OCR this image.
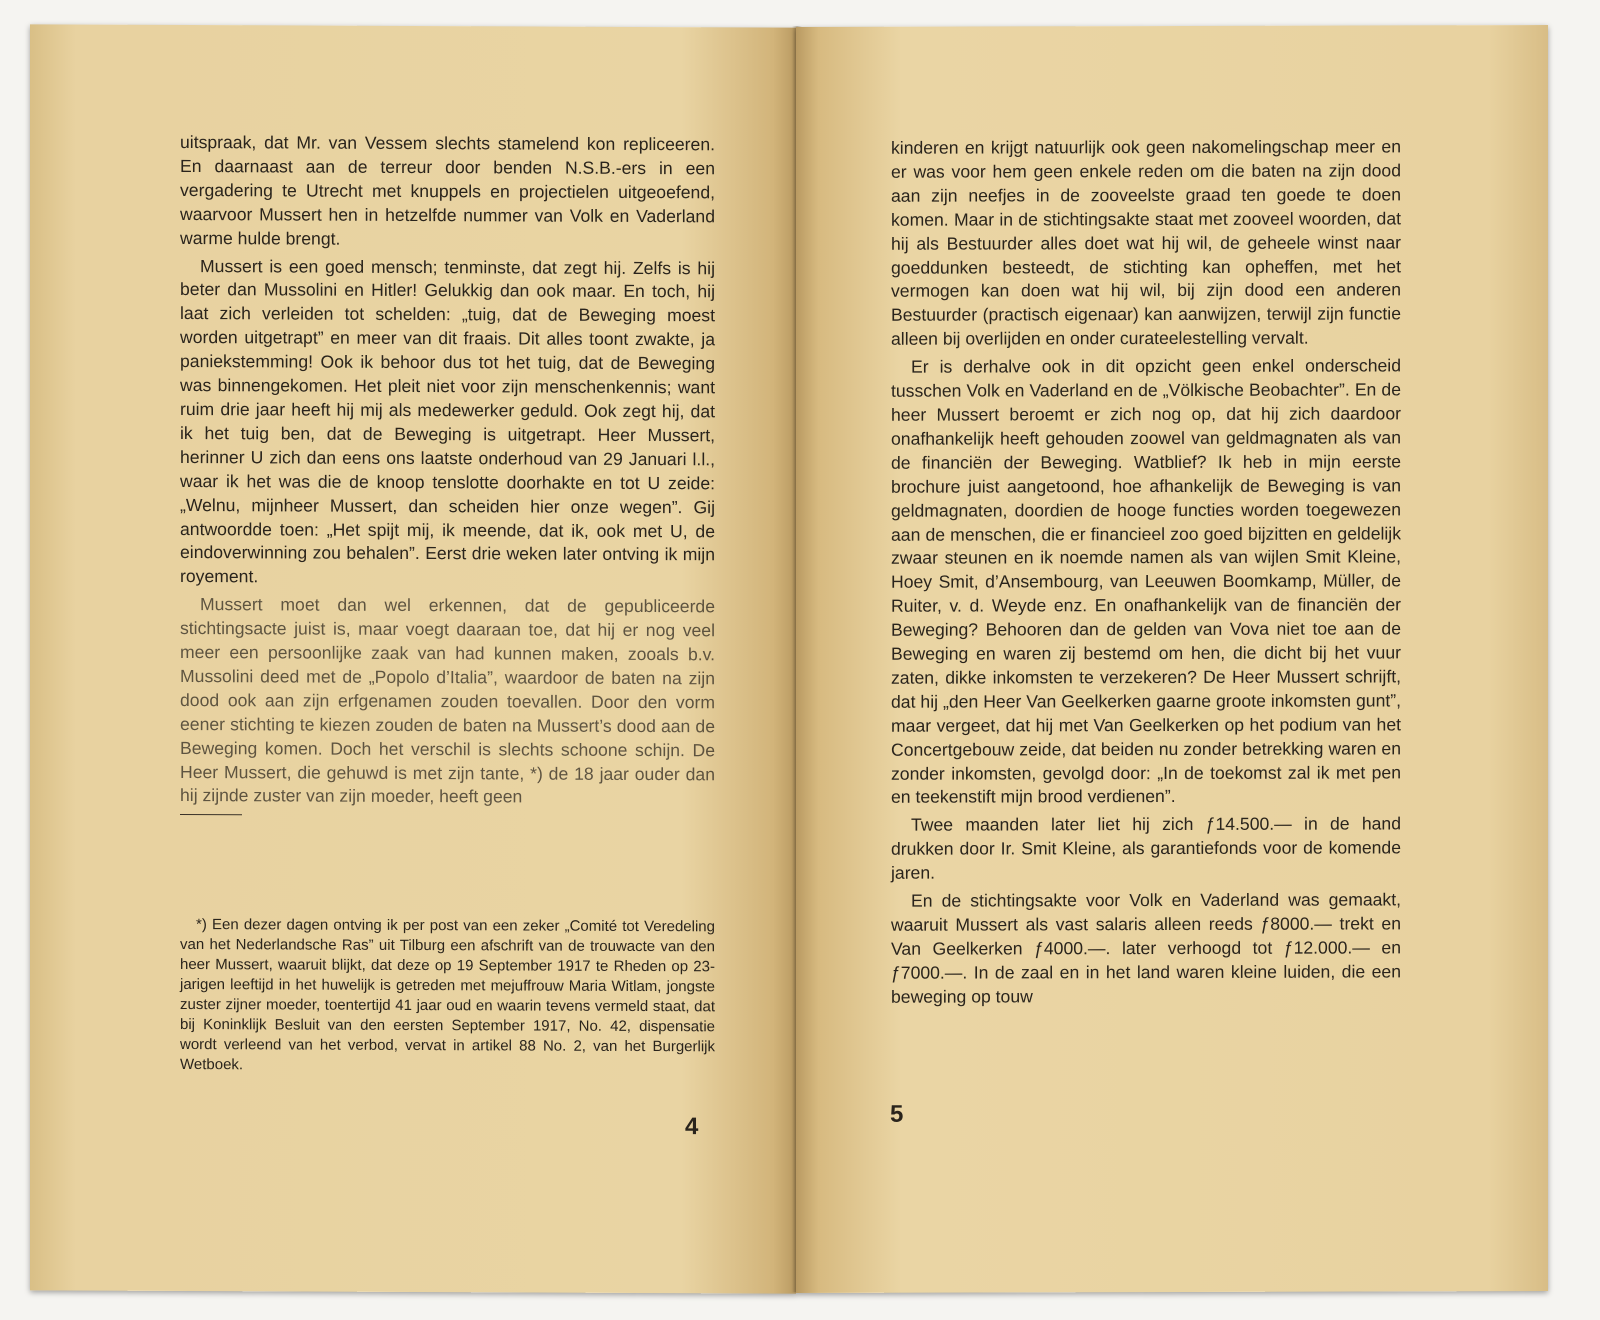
uitspraak, dat Mr. van Vessem slechts stamelend kon repliceeren. En daarnaast aan de terreur door benden N.S.B.-ers in een vergadering te Utrecht met knuppels en projectielen uitgeoefend, waarvoor Mussert hen in hetzelfde nummer van Volk en Vaderland warme hulde brengt.

Mussert is een goed mensch; tenminste, dat zegt hij. Zelfs is hij beter dan Mussolini en Hitler! Gelukkig dan ook maar. En toch, hij laat zich verleiden tot schelden: „tuig, dat de Beweging moest worden uitgetrapt” en meer van dit fraais. Dit alles toont zwakte, ja paniekstemming! Ook ik behoor dus tot het tuig, dat de Beweging was binnengekomen. Het pleit niet voor zijn menschenkennis; want ruim drie jaar heeft hij mij als medewerker geduld. Ook zegt hij, dat ik het tuig ben, dat de Beweging is uitgetrapt. Heer Mussert, herinner U zich dan eens ons laatste onderhoud van 29 Januari l.l., waar ik het was die de knoop tenslotte doorhakte en tot U zeide: „Welnu, mijnheer Mussert, dan scheiden hier onze wegen”. Gij antwoordde toen: „Het spijt mij, ik meende, dat ik, ook met U, de eindoverwinning zou behalen”. Eerst drie weken later ontving ik mijn royement.

Mussert moet dan wel erkennen, dat de gepubliceerde stichtingsacte juist is, maar voegt daaraan toe, dat hij er nog veel meer een persoonlijke zaak van had kunnen maken, zooals b.v. Mussolini deed met de „Popolo d’Italia”, waardoor de baten na zijn dood ook aan zijn erfgenamen zouden toevallen. Door den vorm eener stichting te kiezen zouden de baten na Mussert’s dood aan de Beweging komen. Doch het verschil is slechts schoone schijn. De Heer Mussert, die gehuwd is met zijn tante, *) de 18 jaar ouder dan hij zijnde zuster van zijn moeder, heeft geen

*) Een dezer dagen ontving ik per post van een zeker „Comité tot Veredeling van het Nederlandsche Ras” uit Tilburg een afschrift van de trouwacte van den heer Mussert, waaruit blijkt, dat deze op 19 September 1917 te Rheden op 23-jarigen leeftijd in het huwelijk is getreden met mejuffrouw Maria Witlam, jongste zuster zijner moeder, toentertijd 41 jaar oud en waarin tevens vermeld staat, dat bij Koninklijk Besluit van den eersten September 1917, No. 42, dispensatie wordt verleend van het verbod, vervat in artikel 88 No. 2, van het Burgerlijk Wetboek.
4

kinderen en krijgt natuurlijk ook geen nakomelingschap meer en er was voor hem geen enkele reden om die baten na zijn dood aan zijn neefjes in de zooveelste graad ten goede te doen komen. Maar in de stichtingsakte staat met zooveel woorden, dat hij als Bestuurder alles doet wat hij wil, de geheele winst naar goeddunken besteedt, de stichting kan opheffen, met het vermogen kan doen wat hij wil, bij zijn dood een anderen Bestuurder (practisch eigenaar) kan aanwijzen, terwijl zijn functie alleen bij overlijden en onder curateelestelling vervalt.

Er is derhalve ook in dit opzicht geen enkel onderscheid tusschen Volk en Vaderland en de „Völkische Beobachter”. En de heer Mussert beroemt er zich nog op, dat hij zich daardoor onafhankelijk heeft gehouden zoowel van geldmagnaten als van de financiën der Beweging. Watblief? Ik heb in mijn eerste brochure juist aangetoond, hoe afhankelijk de Beweging is van geldmagnaten, doordien de hooge functies worden toegewezen aan de menschen, die er financieel zoo goed bijzitten en geldelijk zwaar steunen en ik noemde namen als van wijlen Smit Kleine, Hoey Smit, d’Ansembourg, van Leeuwen Boomkamp, Müller, de Ruiter, v. d. Weyde enz. En onafhankelijk van de financiën der Beweging? Behooren dan de gelden van Vova niet toe aan de Beweging en waren zij bestemd om hen, die dicht bij het vuur zaten, dikke inkomsten te verzekeren? De Heer Mussert schrijft, dat hij „den Heer Van Geelkerken gaarne groote inkomsten gunt”, maar vergeet, dat hij met Van Geelkerken op het podium van het Concertgebouw zeide, dat beiden nu zonder betrekking waren en zonder inkomsten, gevolgd door: „In de toekomst zal ik met pen en teekenstift mijn brood verdienen”.

Twee maanden later liet hij zich ƒ14.500.— in de hand drukken door Ir. Smit Kleine, als garantiefonds voor de komende jaren.

En de stichtingsakte voor Volk en Vaderland was gemaakt, waaruit Mussert als vast salaris alleen reeds ƒ8000.— trekt en Van Geelkerken ƒ4000.—. later verhoogd tot ƒ12.000.— en ƒ7000.—. In de zaal en in het land waren kleine luiden, die een beweging op touw

5
